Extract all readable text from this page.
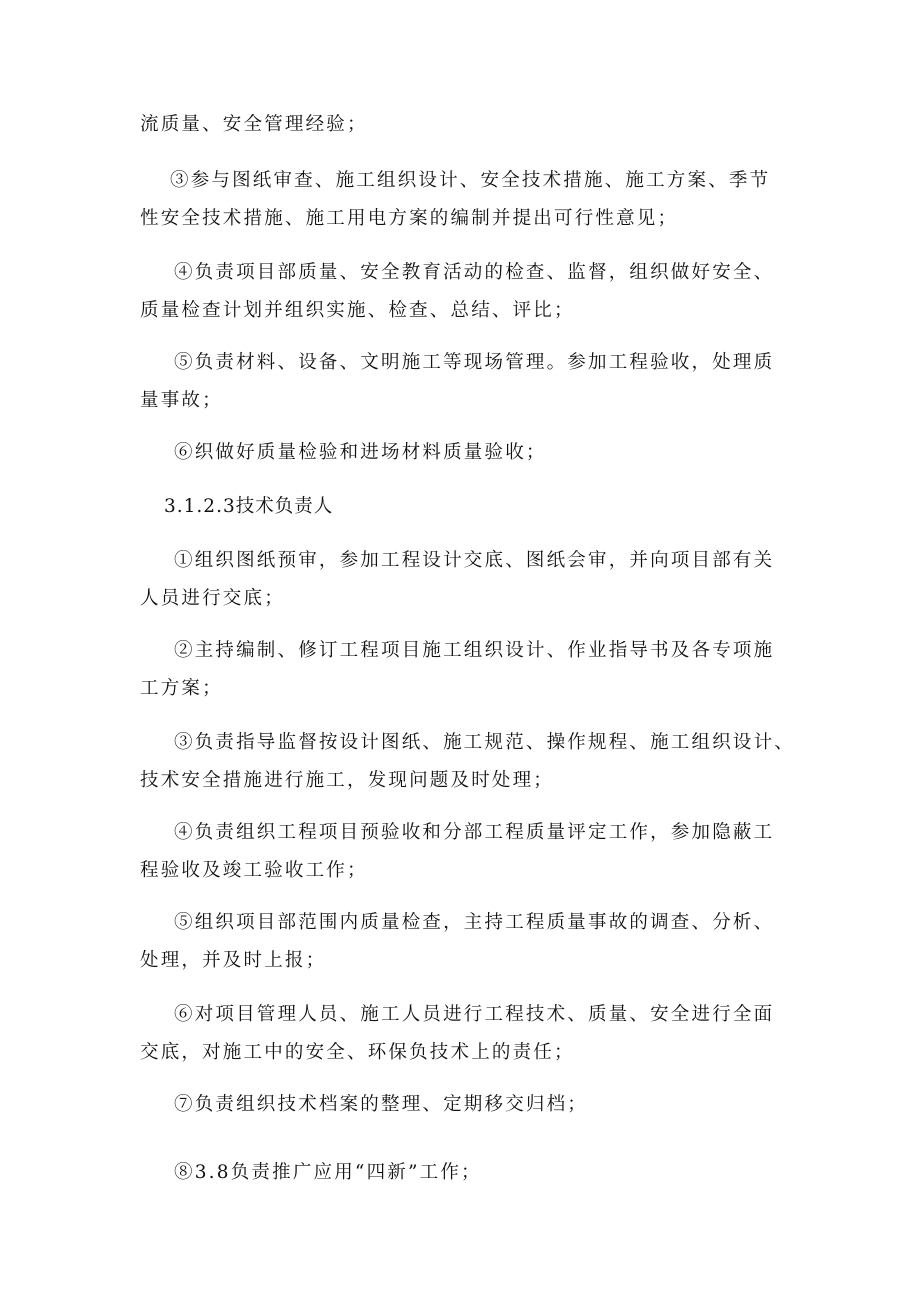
流质量、安全管理经验；

③参与图纸审查、施工组织设计、安全技术措施、施工方案、季节
性安全技术措施、施工用电方案的编制并提出可行性意见；

④负责项目部质量、安全教育活动的检查、监督，组织做好安全、
质量检查计划并组织实施、检查、总结、评比；

⑤负责材料、设备、文明施工等现场管理。参加工程验收，处理质
量事故；

⑥织做好质量检验和进场材料质量验收；

3.1.2.3技术负责人

①组织图纸预审，参加工程设计交底、图纸会审，并向项目部有关
人员进行交底；

②主持编制、修订工程项目施工组织设计、作业指导书及各专项施
工方案；

③负责指导监督按设计图纸、施工规范、操作规程、施工组织设计、
技术安全措施进行施工，发现问题及时处理；

④负责组织工程项目预验收和分部工程质量评定工作，参加隐蔽工
程验收及竣工验收工作；

⑤组织项目部范围内质量检查，主持工程质量事故的调查、分析、
处理，并及时上报；

⑥对项目管理人员、施工人员进行工程技术、质量、安全进行全面
交底，对施工中的安全、环保负技术上的责任；

⑦负责组织技术档案的整理、定期移交归档；

⑧3.8负责推广应用“四新”工作；
